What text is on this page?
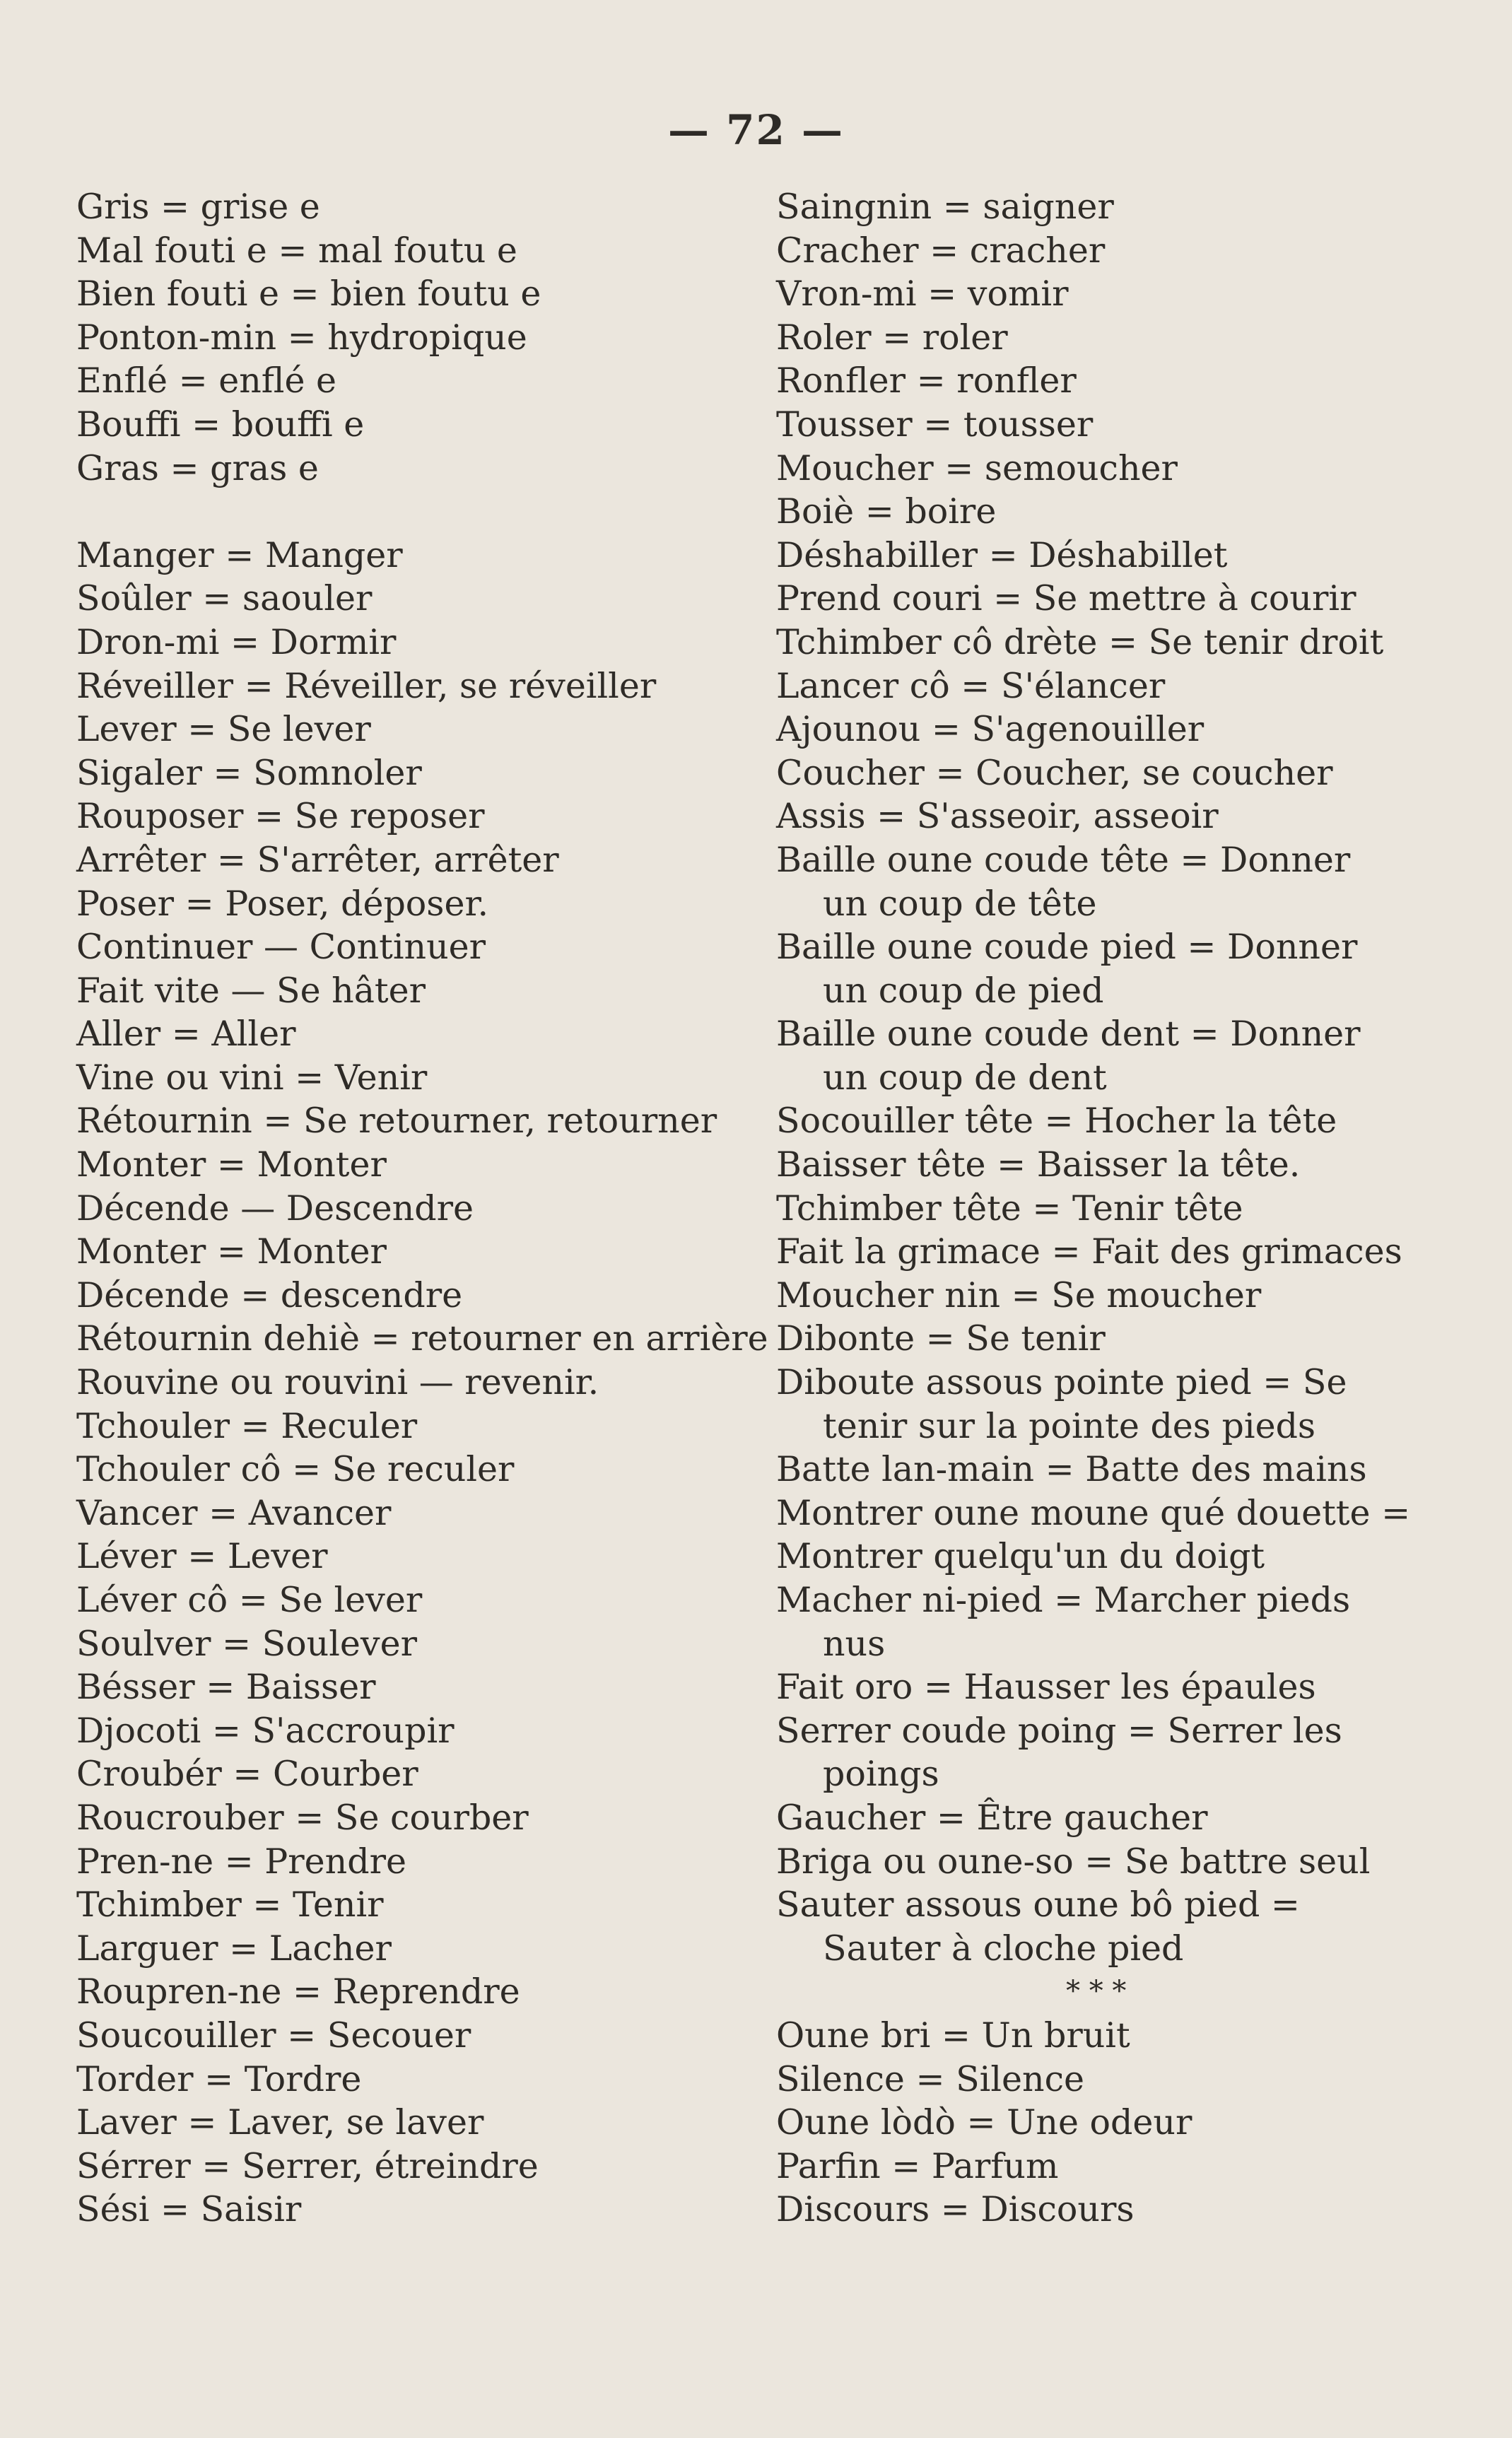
— 72 —
Gris = grise e
Mal fouti e = mal foutu e
Bien fouti e = bien foutu e
Ponton-min = hydropique
Enflé = enflé e
Bouffi = bouffi e
Gras = gras e
Manger = Manger
Soûler = saouler
Dron-mi = Dormir
Réveiller = Réveiller, se réveiller
Lever = Se lever
Sigaler = Somnoler
Rouposer = Se reposer
Arrêter = S'arrêter, arrêter
Poser = Poser, déposer.
Continuer — Continuer
Fait vite — Se hâter
Aller = Aller
Vine ou vini = Venir
Rétournin = Se retourner, retourner
Monter = Monter
Décende — Descendre
Monter = Monter
Décende = descendre
Rétournin dehiè = retourner en arrière
Rouvine ou rouvini — revenir.
Tchouler = Reculer
Tchouler cô = Se reculer
Vancer = Avancer
Léver = Lever
Léver cô = Se lever
Soulver = Soulever
Bésser = Baisser
Djocoti = S'accroupir
Croubér = Courber
Roucrouber = Se courber
Pren-ne = Prendre
Tchimber = Tenir
Larguer = Lacher
Roupren-ne = Reprendre
Soucouiller = Secouer
Torder = Tordre
Laver = Laver, se laver
Sérrer = Serrer, étreindre
Sési = Saisir
Saingnin = saigner
Cracher = cracher
Vron-mi = vomir
Roler = roler
Ronfler = ronfler
Tousser = tousser
Moucher = semoucher
Boiè = boire
Déshabiller = Déshabillet
Prend couri = Se mettre à courir
Tchimber cô drète = Se tenir droit
Lancer cô = S'élancer
Ajounou = S'agenouiller
Coucher = Coucher, se coucher
Assis = S'asseoir, asseoir
Baille oune coude tête = Donner
un coup de tête
Baille oune coude pied = Donner
un coup de pied
Baille oune coude dent = Donner
un coup de dent
Socouiller tête = Hocher la tête
Baisser tête = Baisser la tête.
Tchimber tête = Tenir tête
Fait la grimace = Fait des grimaces
Moucher nin = Se moucher
Dibonte = Se tenir
Diboute assous pointe pied = Se
tenir sur la pointe des pieds
Batte lan-main = Batte des mains
Montrer oune moune qué douette =
Montrer quelqu'un du doigt
Macher ni-pied = Marcher pieds
nus
Fait oro = Hausser les épaules
Serrer coude poing = Serrer les
poings
Gaucher = Être gaucher
Briga ou oune-so = Se battre seul
Sauter assous oune bô pied =
Sauter à cloche pied
* * *
Oune bri = Un bruit
Silence = Silence
Oune lòdò = Une odeur
Parfin = Parfum
Discours = Discours
